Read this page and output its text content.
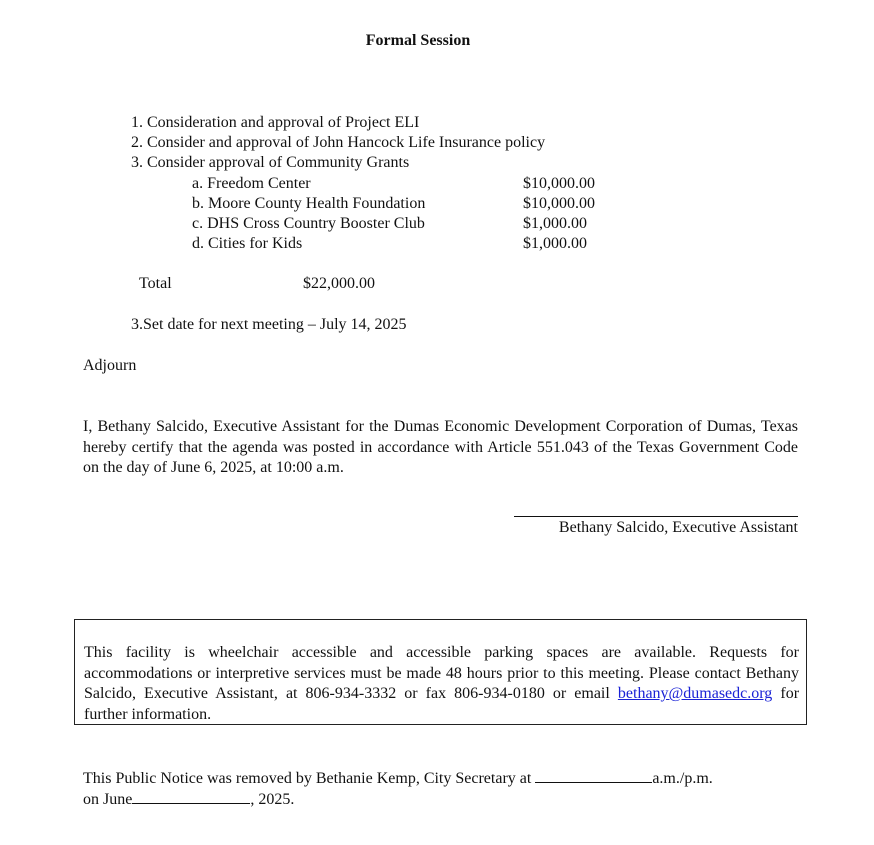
Formal Session
1. Consideration and approval of Project ELI
2. Consider and approval of John Hancock Life Insurance policy
3. Consider approval of Community Grants
a. Freedom Center	$10,000.00
b. Moore County Health Foundation	$10,000.00
c. DHS Cross Country Booster Club	$1,000.00
d. Cities for Kids	$1,000.00
Total	$22,000.00
3.Set date for next meeting – July 14, 2025
Adjourn
I, Bethany Salcido, Executive Assistant for the Dumas Economic Development Corporation of Dumas, Texas hereby certify that the agenda was posted in accordance with Article 551.043 of the Texas Government Code on the day of June 6, 2025, at 10:00 a.m.
Bethany Salcido, Executive Assistant
This facility is wheelchair accessible and accessible parking spaces are available. Requests for accommodations or interpretive services must be made 48 hours prior to this meeting. Please contact Bethany Salcido, Executive Assistant, at 806-934-3332 or fax 806-934-0180 or email bethany@dumasedc.org for further information.
This Public Notice was removed by Bethanie Kemp, City Secretary at	a.m./p.m.
on June	, 2025.
